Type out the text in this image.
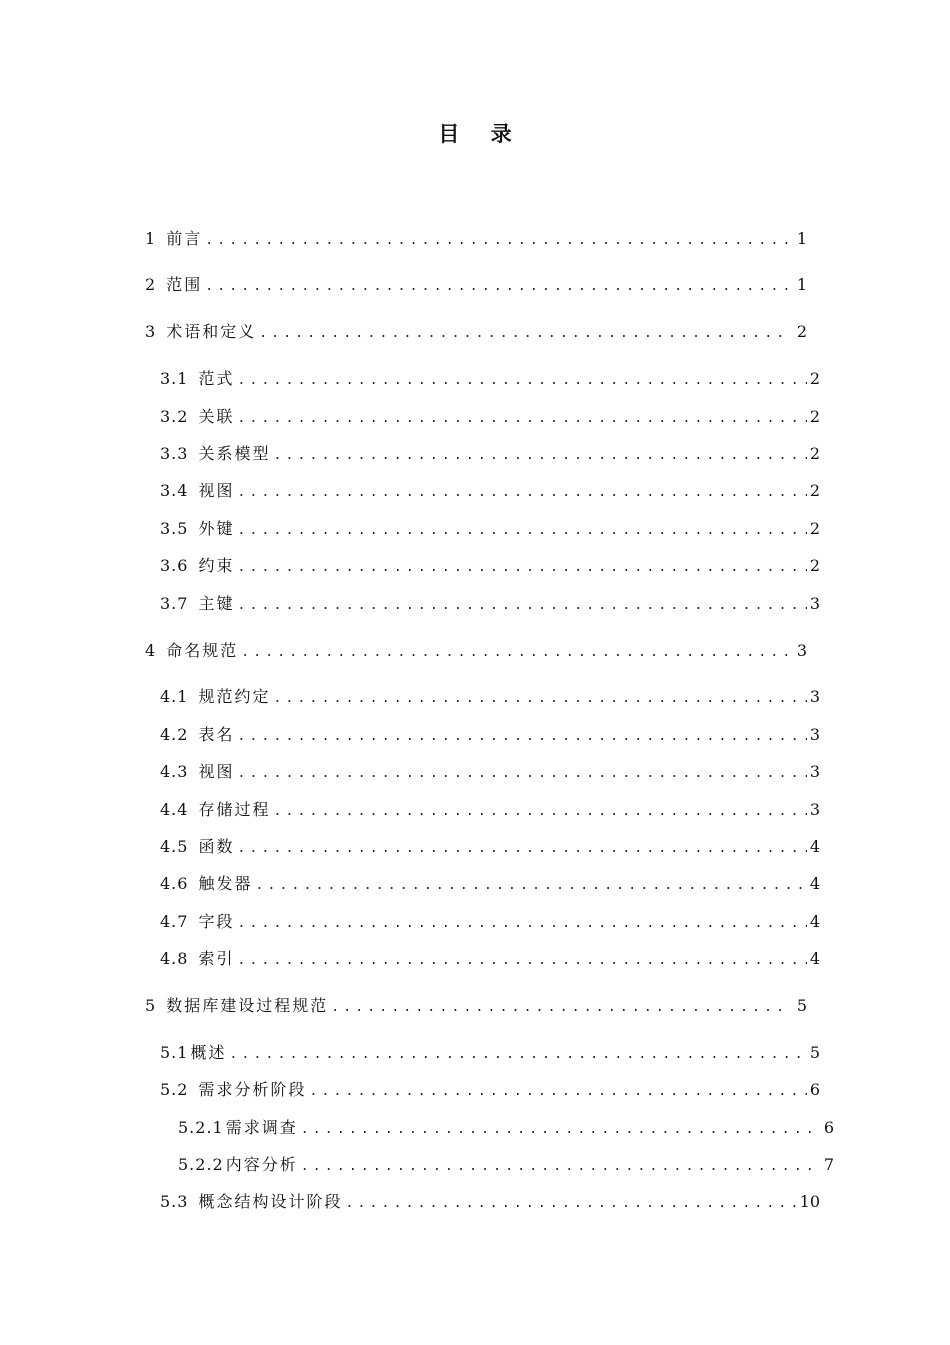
目 录
1 前言 .....	1
2 范围 .....	1
3 术语和定义 .....	2
3.1 范式 .....	2
3.2 关联 .....	2
3.3 关系模型 .....	2
3.4 视图 .....	2
3.5 外键 .....	2
3.6 约束 .....	2
3.7 主键 .....	3
4 命名规范 .....	3
4.1 规范约定 .....	3
4.2 表名 .....	3
4.3 视图 .....	3
4.4 存储过程 .....	3
4.5 函数 .....	4
4.6 触发器 .....	4
4.7 字段 .....	4
4.8 索引 .....	4
5 数据库建设过程规范 .....	5
5.1 概述 .....	5
5.2 需求分析阶段 .....	6
5.2.1 需求调查 .....	6
5.2.2 内容分析 .....	7
5.3 概念结构设计阶段 .....	10
